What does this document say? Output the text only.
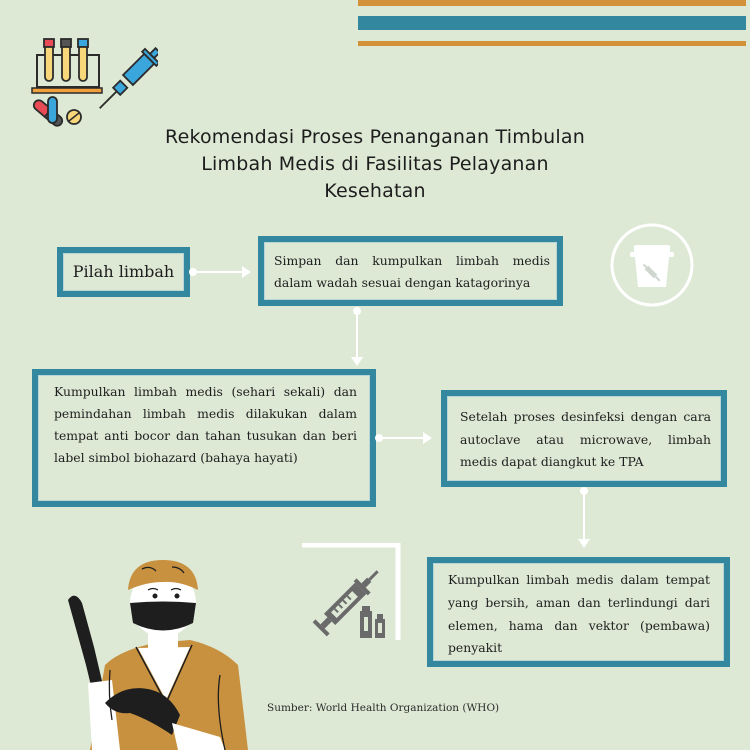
Rekomendasi Proses Penanganan Timbulan
Limbah Medis di Fasilitas Pelayanan
Kesehatan
Pilah limbah
Simpan dan kumpulkan limbah medis dalam wadah sesuai dengan katagorinya
Kumpulkan limbah medis (sehari sekali) dan pemindahan limbah medis dilakukan dalam tempat anti bocor dan tahan tusukan dan beri label simbol biohazard (bahaya hayati)
Setelah proses desinfeksi dengan cara autoclave atau microwave, limbah medis dapat diangkut ke TPA
Kumpulkan limbah medis dalam tempat yang bersih, aman dan terlindungi dari elemen, hama dan vektor (pembawa) penyakit
Sumber: World Health Organization (WHO)
